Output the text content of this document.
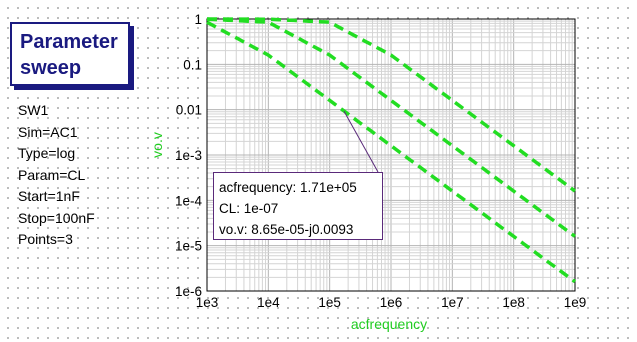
Parameter
sweep
SW1
Sim=AC1
Type=log
Param=CL
Start=1nF
Stop=100nF
Points=3
1e3	1e4	1e5	1e6	1e7	1e8	1e9
1
0.1
0.01
1e-3
1e-4
1e-5
1e-6
acfrequency
vo.v
acfrequency: 1.71e+05
CL: 1e-07
vo.v: 8.65e-05-j0.0093
